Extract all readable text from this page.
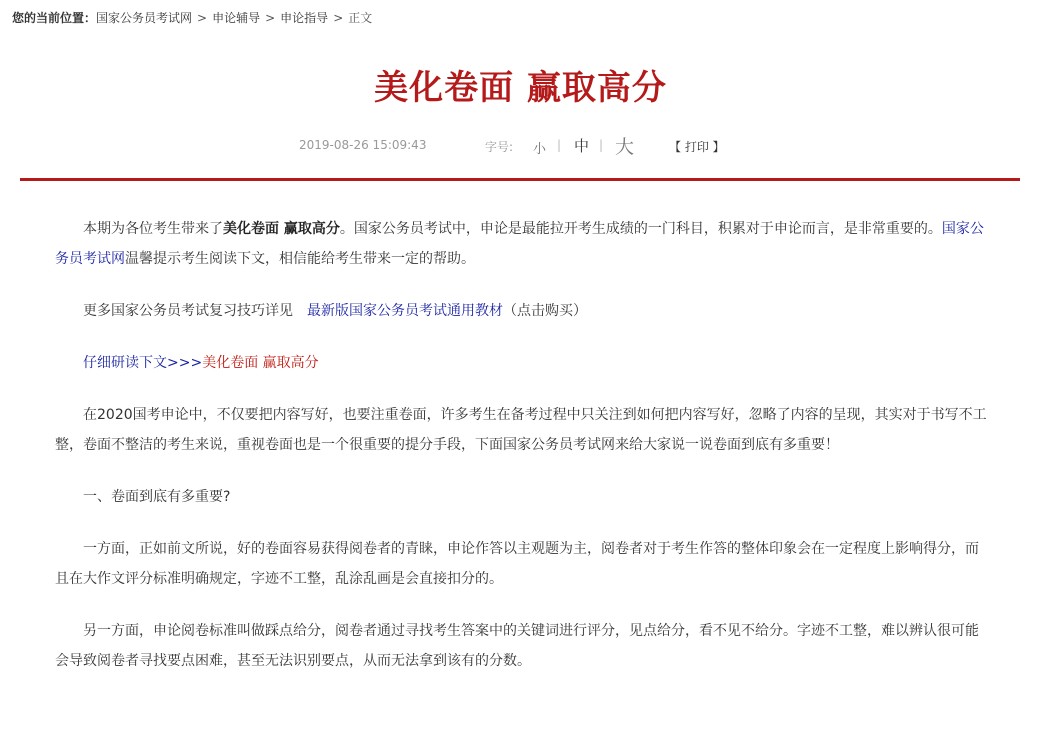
您的当前位置：国家公务员考试网 > 申论辅导 > 申论指导 > 正文
美化卷面 赢取高分
2019-08-26 15:09:43	字号: 小 | 中 | 大	【 打印 】

本期为各位考生带来了美化卷面 赢取高分。国家公务员考试中，申论是最能拉开考生成绩的一门科目，积累对于申论而言，是非常重要的。国家公务员考试网温馨提示考生阅读下文，相信能给考生带来一定的帮助。

更多国家公务员考试复习技巧详见　最新版国家公务员考试通用教材（点击购买）

仔细研读下文>>>美化卷面 赢取高分

在2020国考申论中，不仅要把内容写好，也要注重卷面，许多考生在备考过程中只关注到如何把内容写好，忽略了内容的呈现，其实对于书写不工整，卷面不整洁的考生来说，重视卷面也是一个很重要的提分手段，下面国家公务员考试网来给大家说一说卷面到底有多重要！

一、卷面到底有多重要?

一方面，正如前文所说，好的卷面容易获得阅卷者的青睐，申论作答以主观题为主，阅卷者对于考生作答的整体印象会在一定程度上影响得分，而且在大作文评分标准明确规定，字迹不工整，乱涂乱画是会直接扣分的。

另一方面，申论阅卷标准叫做踩点给分，阅卷者通过寻找考生答案中的关键词进行评分，见点给分，看不见不给分。字迹不工整，难以辨认很可能会导致阅卷者寻找要点困难，甚至无法识别要点，从而无法拿到该有的分数。
